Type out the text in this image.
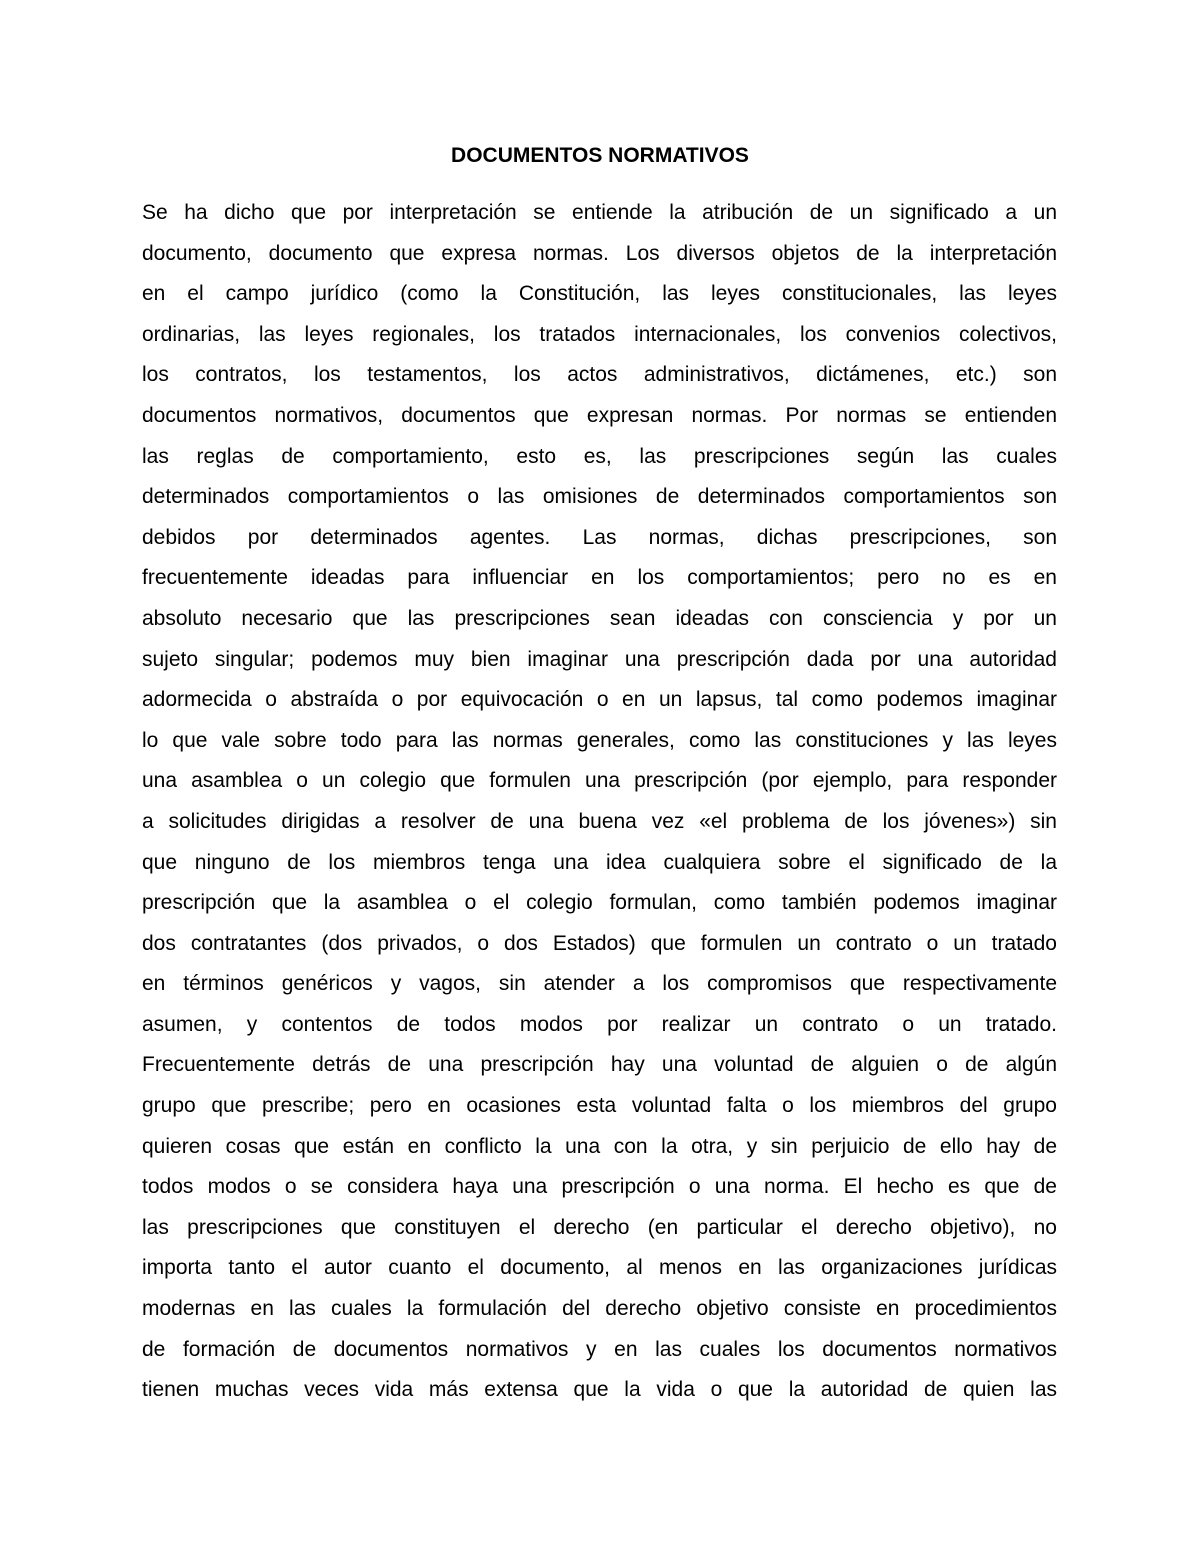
DOCUMENTOS NORMATIVOS
Se ha dicho que por interpretación se entiende la atribución de un significado a un
documento, documento que expresa normas. Los diversos objetos de la interpretación
en el campo jurídico (como la Constitución, las leyes constitucionales, las leyes
ordinarias, las leyes regionales, los tratados internacionales, los convenios colectivos,
los contratos, los testamentos, los actos administrativos, dictámenes, etc.) son
documentos normativos, documentos que expresan normas. Por normas se entienden
las reglas de comportamiento, esto es, las prescripciones según las cuales
determinados comportamientos o las omisiones de determinados comportamientos son
debidos por determinados agentes. Las normas, dichas prescripciones, son
frecuentemente ideadas para influenciar en los comportamientos; pero no es en
absoluto necesario que las prescripciones sean ideadas con consciencia y por un
sujeto singular; podemos muy bien imaginar una prescripción dada por una autoridad
adormecida o abstraída o por equivocación o en un lapsus, tal como podemos imaginar
lo que vale sobre todo para las normas generales, como las constituciones y las leyes
una asamblea o un colegio que formulen una prescripción (por ejemplo, para responder
a solicitudes dirigidas a resolver de una buena vez «el problema de los jóvenes») sin
que ninguno de los miembros tenga una idea cualquiera sobre el significado de la
prescripción que la asamblea o el colegio formulan, como también podemos imaginar
dos contratantes (dos privados, o dos Estados) que formulen un contrato o un tratado
en términos genéricos y vagos, sin atender a los compromisos que respectivamente
asumen, y contentos de todos modos por realizar un contrato o un tratado.
Frecuentemente detrás de una prescripción hay una voluntad de alguien o de algún
grupo que prescribe; pero en ocasiones esta voluntad falta o los miembros del grupo
quieren cosas que están en conflicto la una con la otra, y sin perjuicio de ello hay de
todos modos o se considera haya una prescripción o una norma. El hecho es que de
las prescripciones que constituyen el derecho (en particular el derecho objetivo), no
importa tanto el autor cuanto el documento, al menos en las organizaciones jurídicas
modernas en las cuales la formulación del derecho objetivo consiste en procedimientos
de formación de documentos normativos y en las cuales los documentos normativos
tienen muchas veces vida más extensa que la vida o que la autoridad de quien las
